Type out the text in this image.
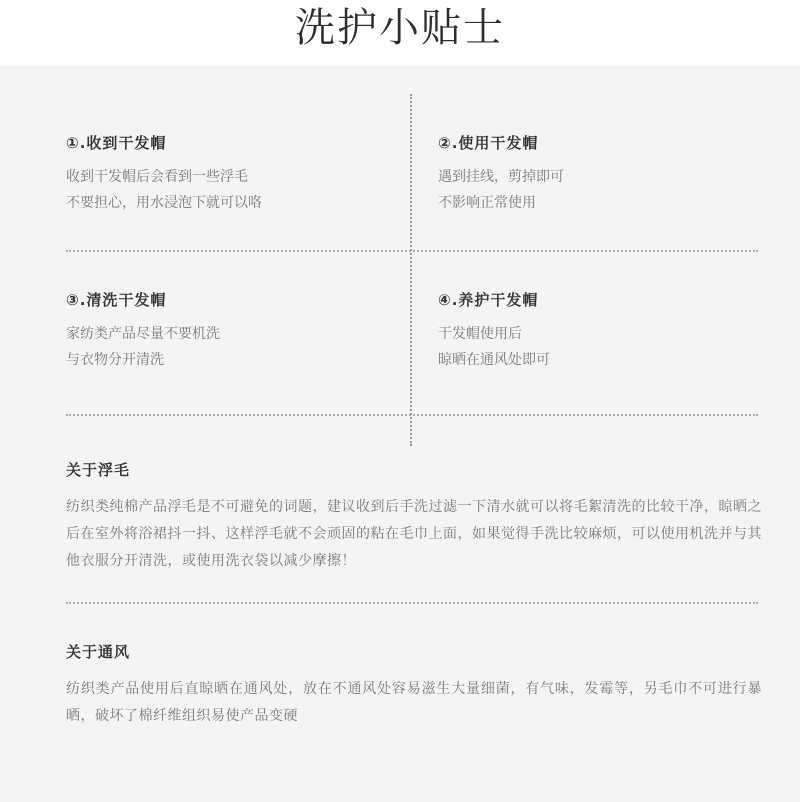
洗护小贴士
①.收到干发帽
收到干发帽后会看到一些浮毛
不要担心，用水浸泡下就可以咯
②.使用干发帽
遇到挂线，剪掉即可
不影响正常使用
③.清洗干发帽
家纺类产品尽量不要机洗
与衣物分开清洗
④.养护干发帽
干发帽使用后
晾晒在通风处即可
关于浮毛
纺织类纯棉产品浮毛是不可避免的词题，建议收到后手洗过滤一下清水就可以将毛絮清洗的比较干净，晾晒之后在室外将浴裙抖一抖、这样浮毛就不会顽固的粘在毛巾上面，如果觉得手洗比较麻烦，可以使用机洗并与其他衣服分开清洗，或使用洗衣袋以减少摩擦！
关于通风
纺织类产品使用后直晾晒在通风处，放在不通风处容易滋生大量细菌，有气味，发霉等，另毛巾不可进行暴晒，破坏了棉纤维组织易使产品变硬
